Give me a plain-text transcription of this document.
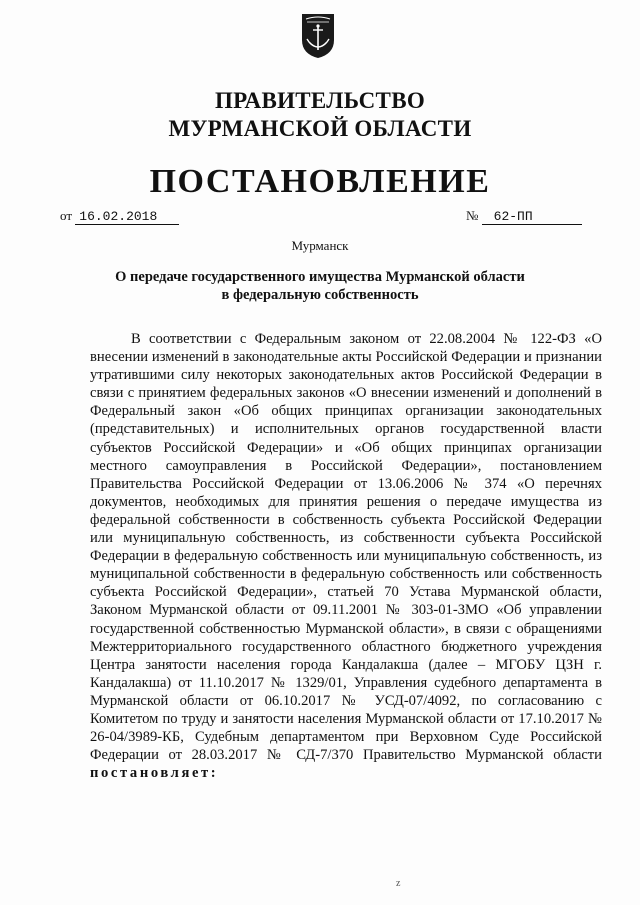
ПРАВИТЕЛЬСТВО
МУРМАНСКОЙ ОБЛАСТИ
ПОСТАНОВЛЕНИЕ
от 16.02.2018	№ 62-ПП
Мурманск
О передаче государственного имущества Мурманской области
в федеральную собственность

В соответствии с Федеральным законом от 22.08.2004 № 122-ФЗ «О внесении изменений в законодательные акты Российской Федерации и признании утратившими силу некоторых законодательных актов Российской Федерации в связи с принятием федеральных законов «О внесении изменений и дополнений в Федеральный закон «Об общих принципах организации законодательных (представительных) и исполнительных органов государственной власти субъектов Российской Федерации» и «Об общих принципах организации местного самоуправления в Российской Федерации», постановлением Правительства Российской Федерации от 13.06.2006 № 374 «О перечнях документов, необходимых для принятия решения о передаче имущества из федеральной собственности в собственность субъекта Российской Федерации или муниципальную собственность, из собственности субъекта Российской Федерации в федеральную собственность или муниципальную собственность, из муниципальной собственности в федеральную собственность или собственность субъекта Российской Федерации», статьей 70 Устава Мурманской области, Законом Мурманской области от 09.11.2001 № 303-01-ЗМО «Об управлении государственной собственностью Мурманской области», в связи с обращениями Межтерриториального государственного областного бюджетного учреждения Центра занятости населения города Кандалакша (далее – МГОБУ ЦЗН г. Кандалакша) от 11.10.2017 № 1329/01, Управления судебного департамента в Мурманской области от 06.10.2017 № УСД-07/4092, по согласованию с Комитетом по труду и занятости населения Мурманской области от 17.10.2017 № 26-04/3989-КБ, Судебным департаментом при Верховном Суде Российской Федерации от 28.03.2017 № СД-7/370 Правительство Мурманской области постановляет:

z
